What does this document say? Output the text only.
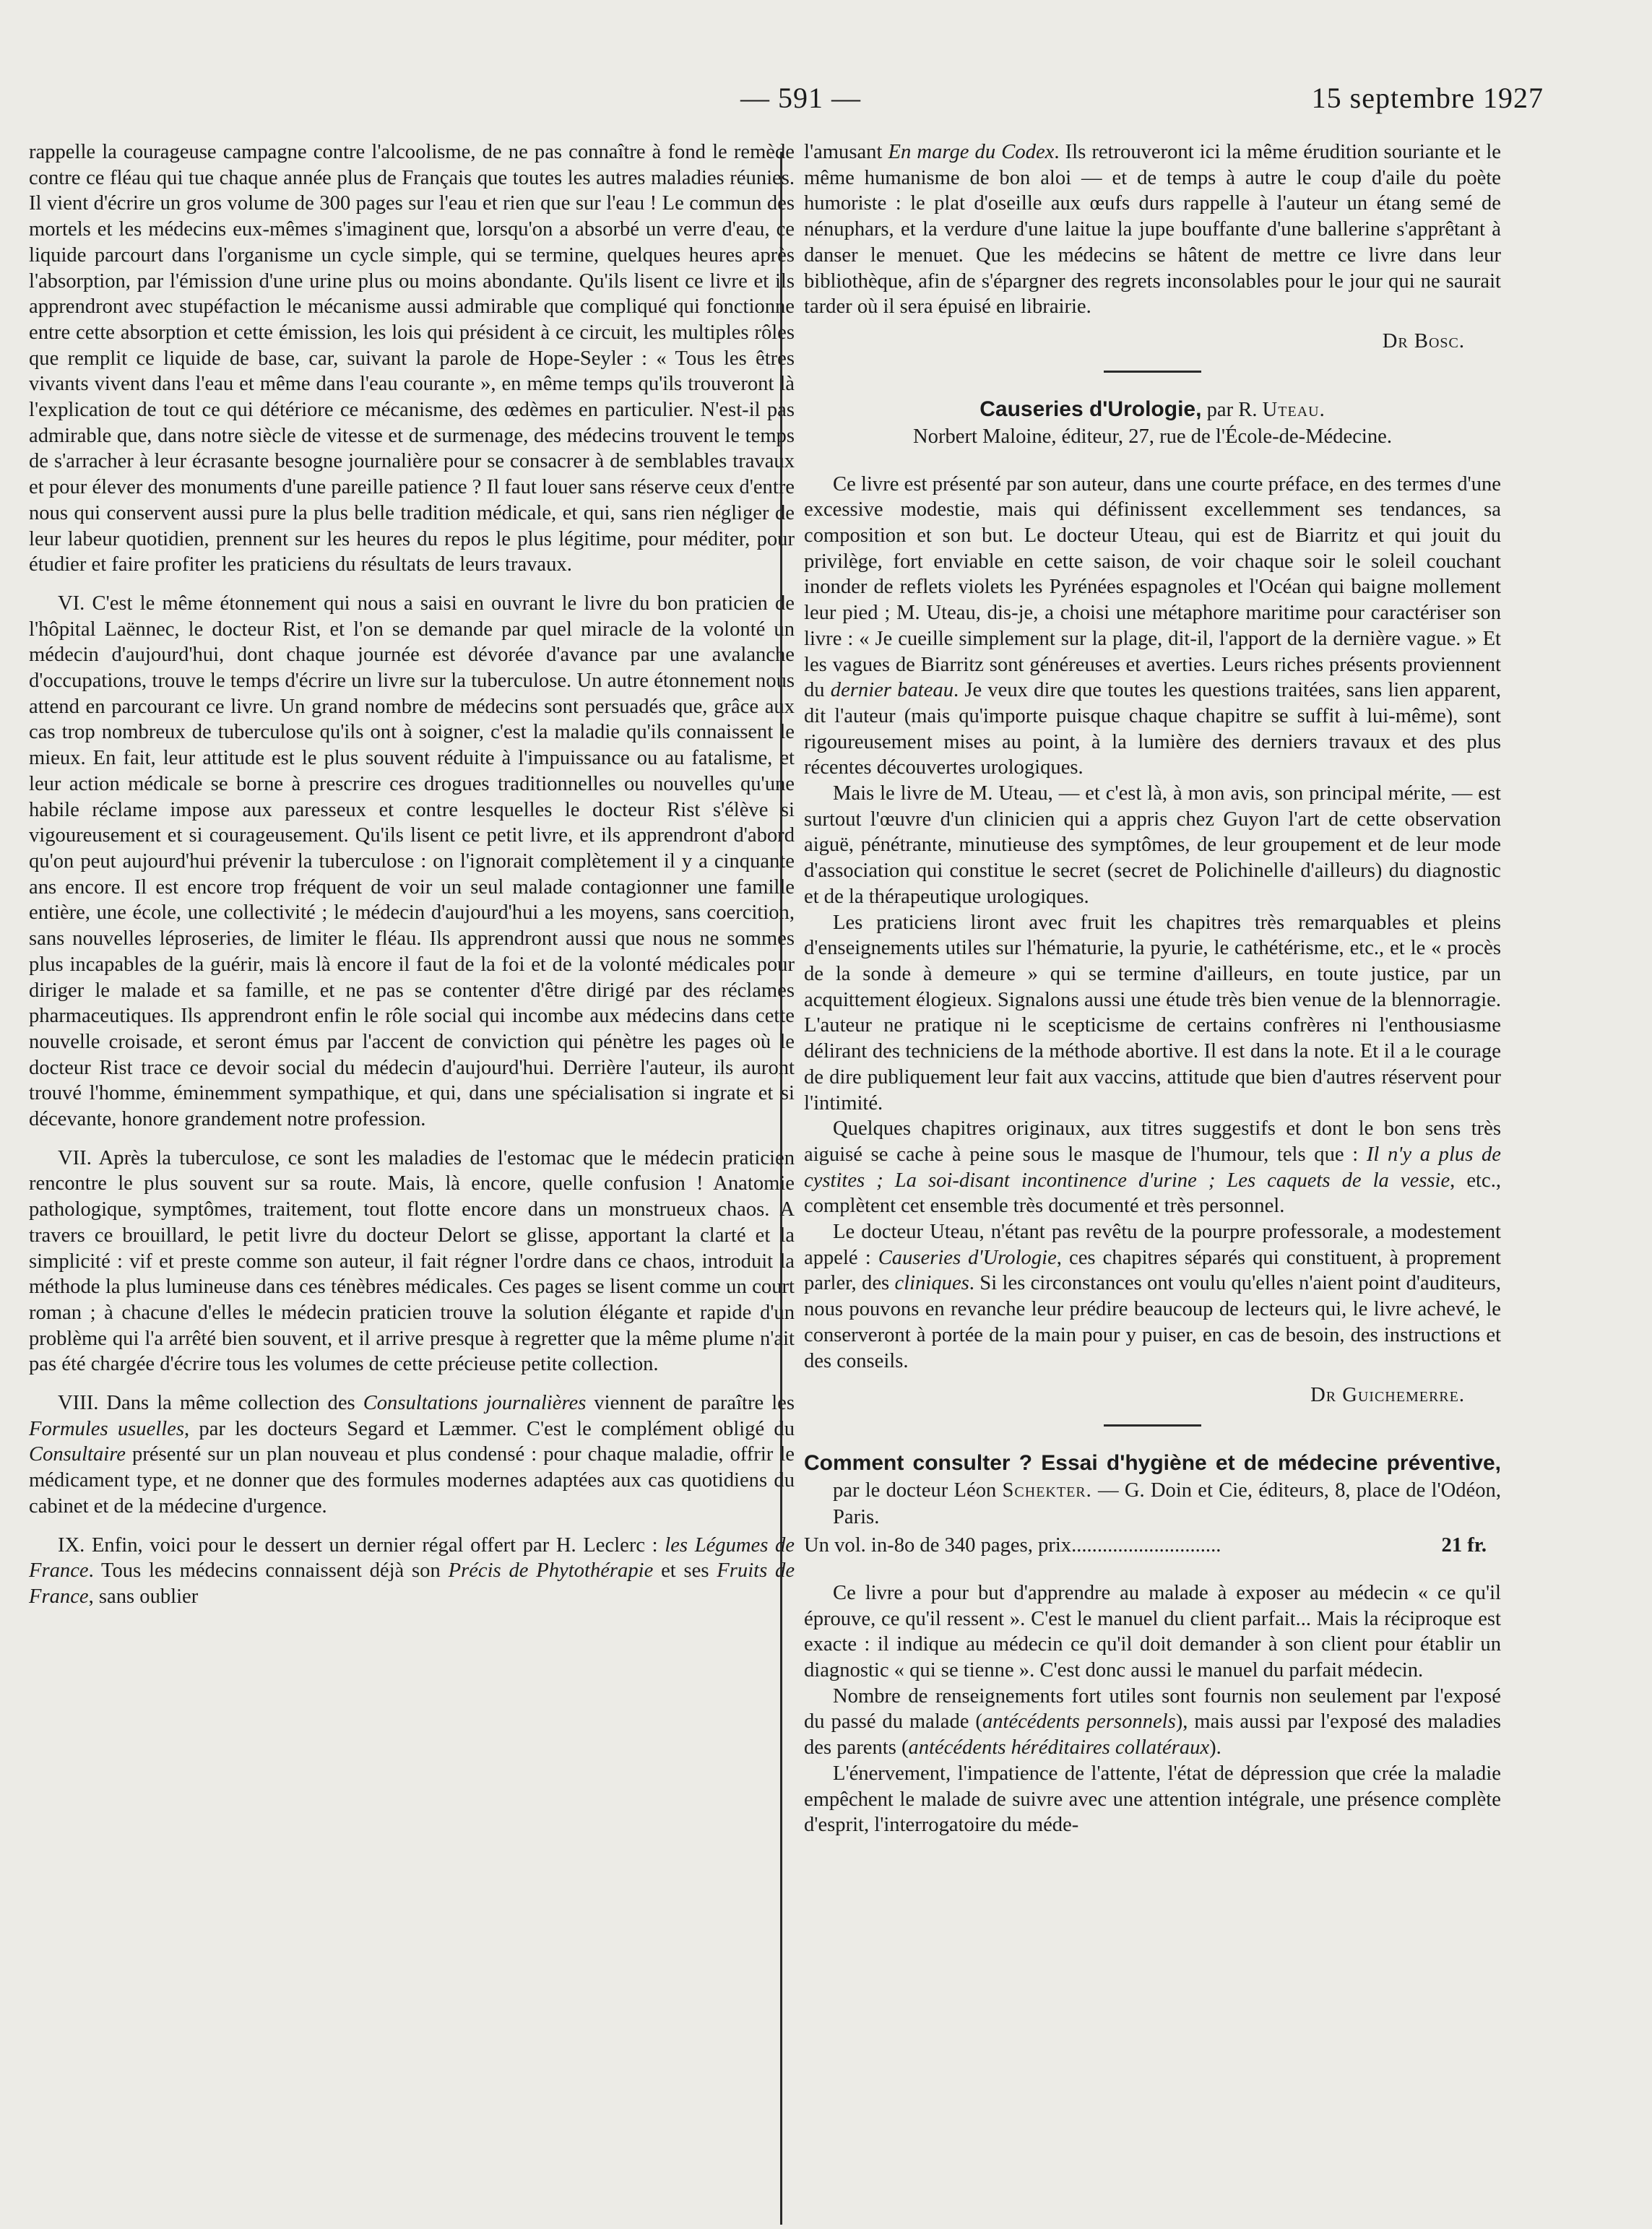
— 591 —	15 septembre 1927

rappelle la courageuse campagne contre l'alcoolisme, de ne pas connaître à fond le remède contre ce fléau qui tue chaque année plus de Français que toutes les autres maladies réunies. Il vient d'écrire un gros volume de 300 pages sur l'eau et rien que sur l'eau ! Le commun des mortels et les médecins eux-mêmes s'imaginent que, lorsqu'on a absorbé un verre d'eau, ce liquide parcourt dans l'organisme un cycle simple, qui se termine, quelques heures après l'absorption, par l'émission d'une urine plus ou moins abondante. Qu'ils lisent ce livre et ils apprendront avec stupéfaction le mécanisme aussi admirable que compliqué qui fonctionne entre cette absorption et cette émission, les lois qui président à ce circuit, les multiples rôles que remplit ce liquide de base, car, suivant la parole de Hope-Seyler : « Tous les êtres vivants vivent dans l'eau et même dans l'eau courante », en même temps qu'ils trouveront là l'explication de tout ce qui détériore ce mécanisme, des œdèmes en particulier. N'est-il pas admirable que, dans notre siècle de vitesse et de surmenage, des médecins trouvent le temps de s'arracher à leur écrasante besogne journalière pour se consacrer à de semblables travaux et pour élever des monuments d'une pareille patience ? Il faut louer sans réserve ceux d'entre nous qui conservent aussi pure la plus belle tradition médicale, et qui, sans rien négliger de leur labeur quotidien, prennent sur les heures du repos le plus légitime, pour méditer, pour étudier et faire profiter les praticiens du résultats de leurs travaux.

VI. C'est le même étonnement qui nous a saisi en ouvrant le livre du bon praticien de l'hôpital Laënnec, le docteur Rist, et l'on se demande par quel miracle de la volonté un médecin d'aujourd'hui, dont chaque journée est dévorée d'avance par une avalanche d'occupations, trouve le temps d'écrire un livre sur la tuberculose. Un autre étonnement nous attend en parcourant ce livre. Un grand nombre de médecins sont persuadés que, grâce aux cas trop nombreux de tuberculose qu'ils ont à soigner, c'est la maladie qu'ils connaissent le mieux. En fait, leur attitude est le plus souvent réduite à l'impuissance ou au fatalisme, et leur action médicale se borne à prescrire ces drogues traditionnelles ou nouvelles qu'une habile réclame impose aux paresseux et contre lesquelles le docteur Rist s'élève si vigoureusement et si courageusement. Qu'ils lisent ce petit livre, et ils apprendront d'abord qu'on peut aujourd'hui prévenir la tuberculose : on l'ignorait complètement il y a cinquante ans encore. Il est encore trop fréquent de voir un seul malade contagionner une famille entière, une école, une collectivité ; le médecin d'aujourd'hui a les moyens, sans coercition, sans nouvelles léproseries, de limiter le fléau. Ils apprendront aussi que nous ne sommes plus incapables de la guérir, mais là encore il faut de la foi et de la volonté médicales pour diriger le malade et sa famille, et ne pas se contenter d'être dirigé par des réclames pharmaceutiques. Ils apprendront enfin le rôle social qui incombe aux médecins dans cette nouvelle croisade, et seront émus par l'accent de conviction qui pénètre les pages où le docteur Rist trace ce devoir social du médecin d'aujourd'hui. Derrière l'auteur, ils auront trouvé l'homme, éminemment sympathique, et qui, dans une spécialisation si ingrate et si décevante, honore grandement notre profession.

VII. Après la tuberculose, ce sont les maladies de l'estomac que le médecin praticien rencontre le plus souvent sur sa route. Mais, là encore, quelle confusion ! Anatomie pathologique, symptômes, traitement, tout flotte encore dans un monstrueux chaos. A travers ce brouillard, le petit livre du docteur Delort se glisse, apportant la clarté et la simplicité : vif et preste comme son auteur, il fait régner l'ordre dans ce chaos, introduit la méthode la plus lumineuse dans ces ténèbres médicales. Ces pages se lisent comme un court roman ; à chacune d'elles le médecin praticien trouve la solution élégante et rapide d'un problème qui l'a arrêté bien souvent, et il arrive presque à regretter que la même plume n'ait pas été chargée d'écrire tous les volumes de cette précieuse petite collection.

VIII. Dans la même collection des Consultations journalières viennent de paraître les Formules usuelles, par les docteurs Segard et Læmmer. C'est le complément obligé du Consultaire présenté sur un plan nouveau et plus condensé : pour chaque maladie, offrir le médicament type, et ne donner que des formules modernes adaptées aux cas quotidiens du cabinet et de la médecine d'urgence.

IX. Enfin, voici pour le dessert un dernier régal offert par H. Leclerc : les Légumes de France. Tous les médecins connaissent déjà son Précis de Phytothérapie et ses Fruits de France, sans oublier

l'amusant En marge du Codex. Ils retrouveront ici la même érudition souriante et le même humanisme de bon aloi — et de temps à autre le coup d'aile du poète humoriste : le plat d'oseille aux œufs durs rappelle à l'auteur un étang semé de nénuphars, et la verdure d'une laitue la jupe bouffante d'une ballerine s'apprêtant à danser le menuet. Que les médecins se hâtent de mettre ce livre dans leur bibliothèque, afin de s'épargner des regrets inconsolables pour le jour qui ne saurait tarder où il sera épuisé en librairie.

Dr Bosc.
Causeries d'Urologie, par R. Uteau.
Norbert Maloine, éditeur, 27, rue de l'École-de-Médecine.

Ce livre est présenté par son auteur, dans une courte préface, en des termes d'une excessive modestie, mais qui définissent excellemment ses tendances, sa composition et son but. Le docteur Uteau, qui est de Biarritz et qui jouit du privilège, fort enviable en cette saison, de voir chaque soir le soleil couchant inonder de reflets violets les Pyrénées espagnoles et l'Océan qui baigne mollement leur pied ; M. Uteau, dis-je, a choisi une métaphore maritime pour caractériser son livre : « Je cueille simplement sur la plage, dit-il, l'apport de la dernière vague. » Et les vagues de Biarritz sont généreuses et averties. Leurs riches présents proviennent du dernier bateau. Je veux dire que toutes les questions traitées, sans lien apparent, dit l'auteur (mais qu'importe puisque chaque chapitre se suffit à lui-même), sont rigoureusement mises au point, à la lumière des derniers travaux et des plus récentes découvertes urologiques.

Mais le livre de M. Uteau, — et c'est là, à mon avis, son principal mérite, — est surtout l'œuvre d'un clinicien qui a appris chez Guyon l'art de cette observation aiguë, pénétrante, minutieuse des symptômes, de leur groupement et de leur mode d'association qui constitue le secret (secret de Polichinelle d'ailleurs) du diagnostic et de la thérapeutique urologiques.

Les praticiens liront avec fruit les chapitres très remarquables et pleins d'enseignements utiles sur l'hématurie, la pyurie, le cathétérisme, etc., et le « procès de la sonde à demeure » qui se termine d'ailleurs, en toute justice, par un acquittement élogieux. Signalons aussi une étude très bien venue de la blennorragie. L'auteur ne pratique ni le scepticisme de certains confrères ni l'enthousiasme délirant des techniciens de la méthode abortive. Il est dans la note. Et il a le courage de dire publiquement leur fait aux vaccins, attitude que bien d'autres réservent pour l'intimité.

Quelques chapitres originaux, aux titres suggestifs et dont le bon sens très aiguisé se cache à peine sous le masque de l'humour, tels que : Il n'y a plus de cystites ; La soi-disant incontinence d'urine ; Les caquets de la vessie, etc., complètent cet ensemble très documenté et très personnel.

Le docteur Uteau, n'étant pas revêtu de la pourpre professorale, a modestement appelé : Causeries d'Urologie, ces chapitres séparés qui constituent, à proprement parler, des cliniques. Si les circonstances ont voulu qu'elles n'aient point d'auditeurs, nous pouvons en revanche leur prédire beaucoup de lecteurs qui, le livre achevé, le conserveront à portée de la main pour y puiser, en cas de besoin, des instructions et des conseils.

Dr Guichemerre.
Comment consulter ? Essai d'hygiène et de médecine préventive, par le docteur Léon Schekter. — G. Doin et Cie, éditeurs, 8, place de l'Odéon, Paris.
Un vol. in-8o de 340 pages, prix.............................	21 fr.

Ce livre a pour but d'apprendre au malade à exposer au médecin « ce qu'il éprouve, ce qu'il ressent ». C'est le manuel du client parfait... Mais la réciproque est exacte : il indique au médecin ce qu'il doit demander à son client pour établir un diagnostic « qui se tienne ». C'est donc aussi le manuel du parfait médecin.

Nombre de renseignements fort utiles sont fournis non seulement par l'exposé du passé du malade (antécédents personnels), mais aussi par l'exposé des maladies des parents (antécédents héréditaires collatéraux).

L'énervement, l'impatience de l'attente, l'état de dépression que crée la maladie empêchent le malade de suivre avec une attention intégrale, une présence complète d'esprit, l'interrogatoire du méde-
